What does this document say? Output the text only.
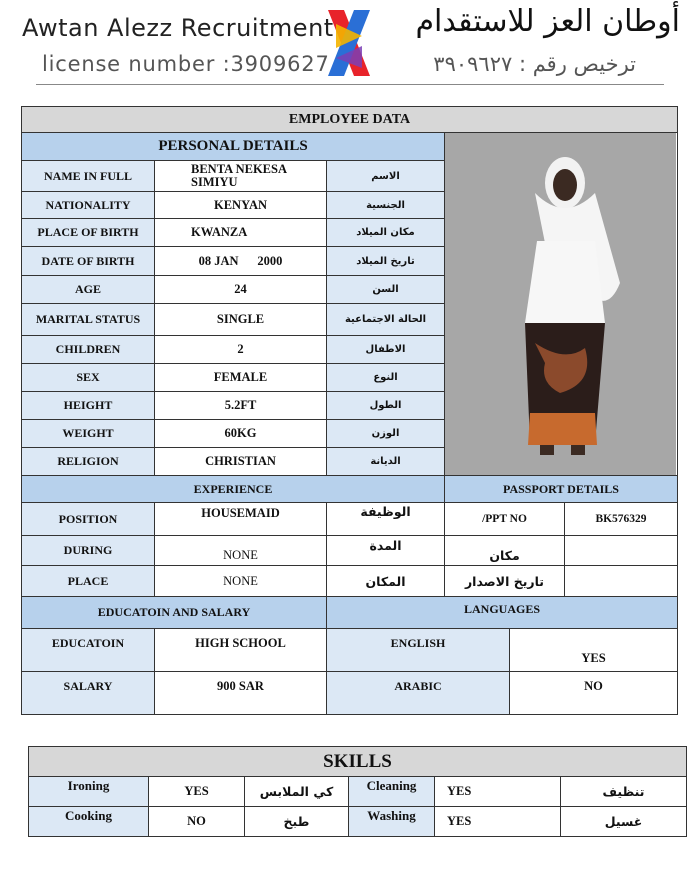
Awtan Alezz Recruitment
license number :3909627
أوطان العز للاستقدام
ترخيص رقم : ٣٩٠٩٦٢٧
EMPLOYEE DATA				
PERSONAL DETAILS	

NAME IN FULL	BENTA NEKESA SIMIYU	الاسم		
NATIONALITY	KENYAN	الجنسية		
PLACE OF BIRTH	KWANZA	مكان الميلاد		
DATE OF BIRTH	08 JAN      2000	تاريخ الميلاد		
AGE	24	السن		
MARITAL STATUS	SINGLE	الحالة الاجتماعية		
CHILDREN	2	الاطفال		
SEX	FEMALE	النوع		
HEIGHT	5.2FT	الطول		
WEIGHT	60KG	الوزن		
RELIGION	CHRISTIAN	الديانة		
EXPERIENCE			PASSPORT DETAILS	
POSITION	HOUSEMAID	الوظيفة	/PPT NO	BK576329
DURING	NONE	المدة	مكان	
PLACE	NONE	المكان	تاريخ الاصدار	
EDUCATOIN AND SALARY		LANGUAGES	
EDUCATOIN	HIGH SCHOOL	ENGLISH	YES
SALARY	900 SAR	ARABIC	NO
SKILLS					
Ironing	YES	كي الملابس	Cleaning	YES	تنظيف
Cooking	NO	طبخ	Washing	YES	غسيل
